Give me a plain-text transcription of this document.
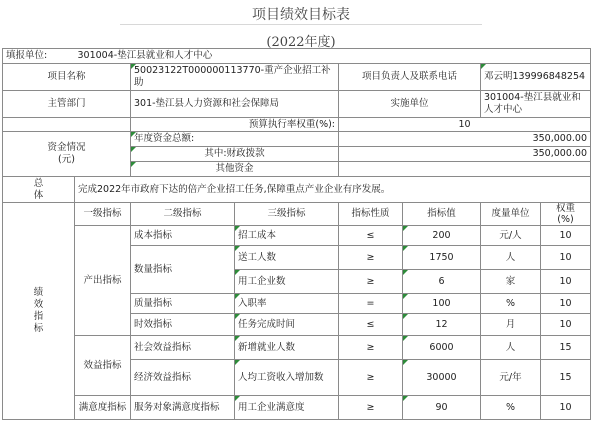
项目绩效目标表
(2022年度)
填报单位:	301004-垫江县就业和人才中心						
项目名称		50023122T000000113770-重产企业招工补助		项目负责人及联系电话		邓云明139996848254	
主管部门		301-垫江县人力资源和社会保障局		实施单位		301004-垫江县就业和人才中心	
		预算执行率权重(%):		10			
资金情况
(元)		年度资金总额:		350,000.00			
		其中:财政拨款		350,000.00			
		其他资金					
总
体	完成2022年市政府下达的倍产企业招工任务,保障重点产业企业有序发展。						
绩
效
指
标	一级指标	二级指标	三级指标	指标性质	指标值	度量单位	权重
(%)
	产出指标	成本指标	招工成本	≤	200	元/人	10
		数量指标	送工人数	≥	1750	人	10
			用工企业数	≥	6	家	10
		质量指标	入职率	=	100	%	10
		时效指标	任务完成时间	≤	12	月	10
	效益指标	社会效益指标	新增就业人数	≥	6000	人	15
		经济效益指标	人均工资收入增加数	≥	30000	元/年	15
	满意度指标	服务对象满意度指标	用工企业满意度	≥	90	%	10
